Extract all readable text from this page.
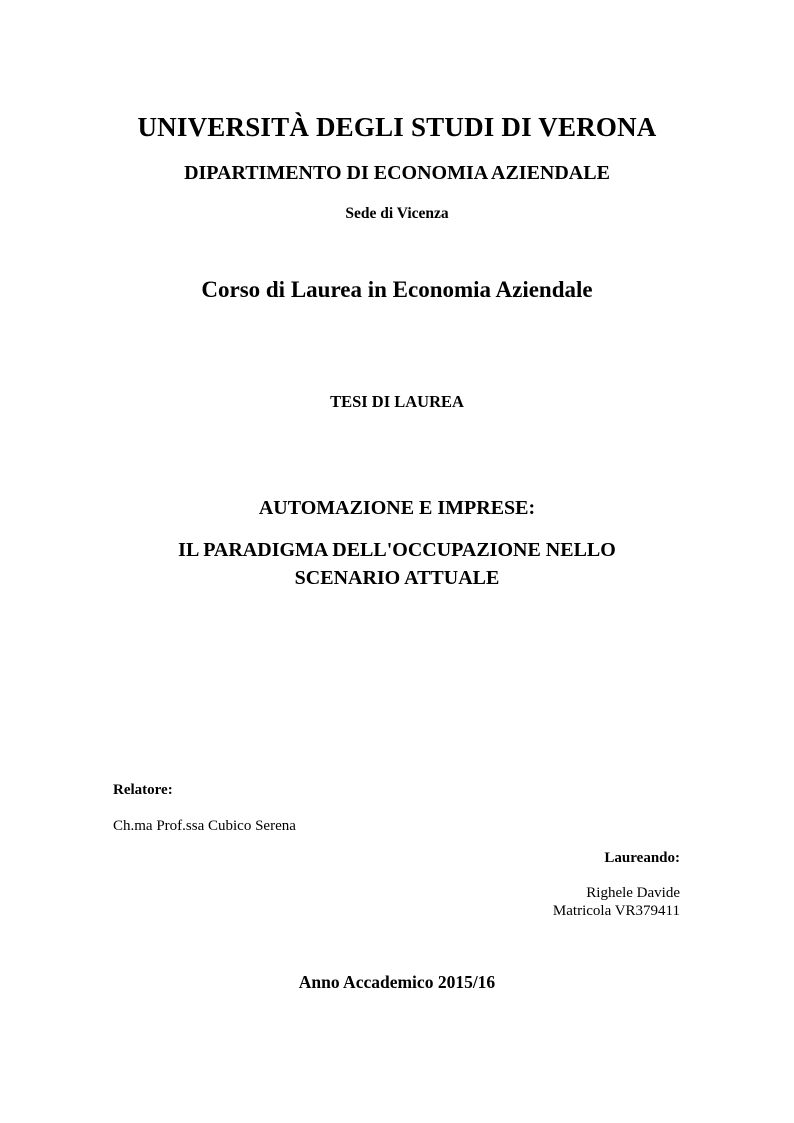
UNIVERSITÀ DEGLI STUDI DI VERONA
DIPARTIMENTO DI ECONOMIA AZIENDALE
Sede di Vicenza
Corso di Laurea in Economia Aziendale
TESI DI LAUREA
AUTOMAZIONE E IMPRESE:
IL PARADIGMA DELL'OCCUPAZIONE NELLO
SCENARIO ATTUALE
Relatore:
Ch.ma Prof.ssa Cubico Serena
Laureando:
Righele Davide
Matricola VR379411
Anno Accademico 2015/16
